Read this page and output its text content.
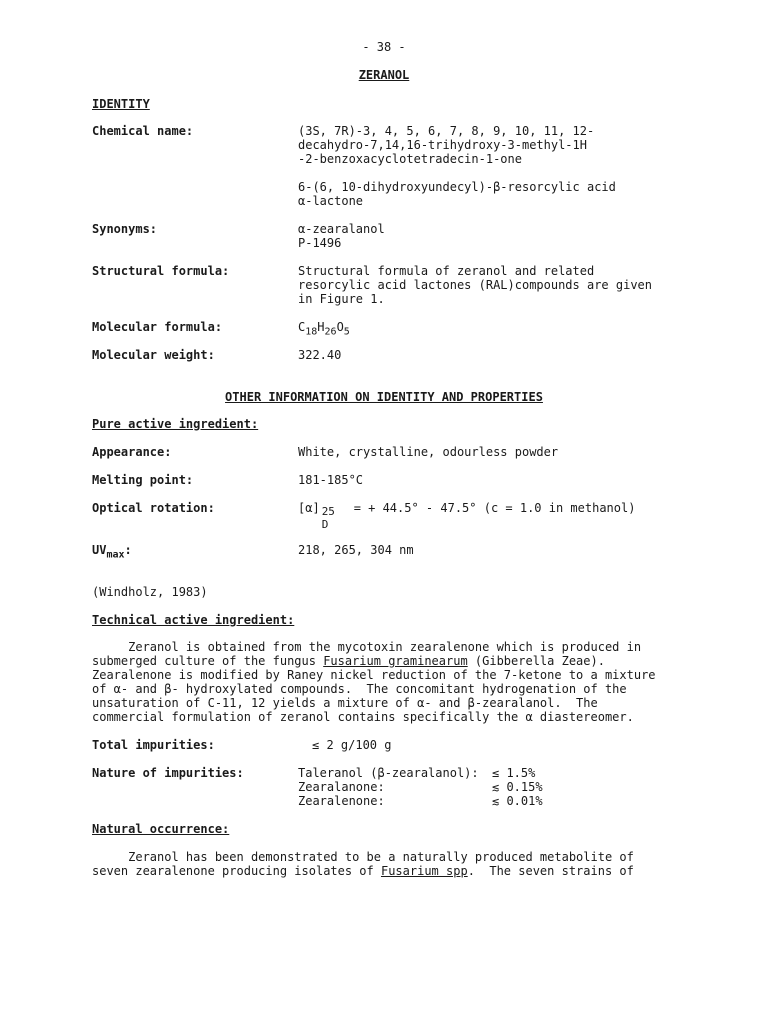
- 38 -
ZERANOL
IDENTITY
Chemical name:	(3S, 7R)-3, 4, 5, 6, 7, 8, 9, 10, 11, 12-
decahydro-7,14,16-trihydroxy-3-methyl-1H
-2-benzoxacyclotetradecin-1-one
6-(6, 10-dihydroxyundecyl)-β-resorcylic acid
α-lactone
Synonyms:	α-zearalanol
P-1496
Structural formula:	Structural formula of zeranol and related
resorcylic acid lactones (RAL)compounds are given
in Figure 1.
Molecular formula:	$C_{18}H_{26}O_5$
Molecular weight:	322.40
OTHER INFORMATION ON IDENTITY AND PROPERTIES
Pure active ingredient:
Appearance:	White, crystalline, odourless powder
Melting point:	181-185°C
Optical rotation:	[α] 25
D
= + 44.5° - 47.5° (c = 1.0 in methanol)
$UV_{max}$:	218, 265, 304 nm
(Windholz, 1983)
Technical active ingredient:
Zeranol is obtained from the mycotoxin zearalenone which is produced in
submerged culture of the fungus Fusarium graminearum (Gibberella Zeae).
Zearalenone is modified by Raney nickel reduction of the 7-ketone to a mixture
of α- and β- hydroxylated compounds.  The concomitant hydrogenation of the
unsaturation of C-11, 12 yields a mixture of α- and β-zearalanol.  The
commercial formulation of zeranol contains specifically the α diastereomer.
Total impurities:	≤ 2 g/100 g
Nature of impurities:	Taleranol (β-zearalanol): ≤ 1.5%
Zearalanone:	≲ 0.15%
Zearalenone:	≲ 0.01%
Natural occurrence:
Zeranol has been demonstrated to be a naturally produced metabolite of
seven zearalenone producing isolates of Fusarium spp.  The seven strains of
